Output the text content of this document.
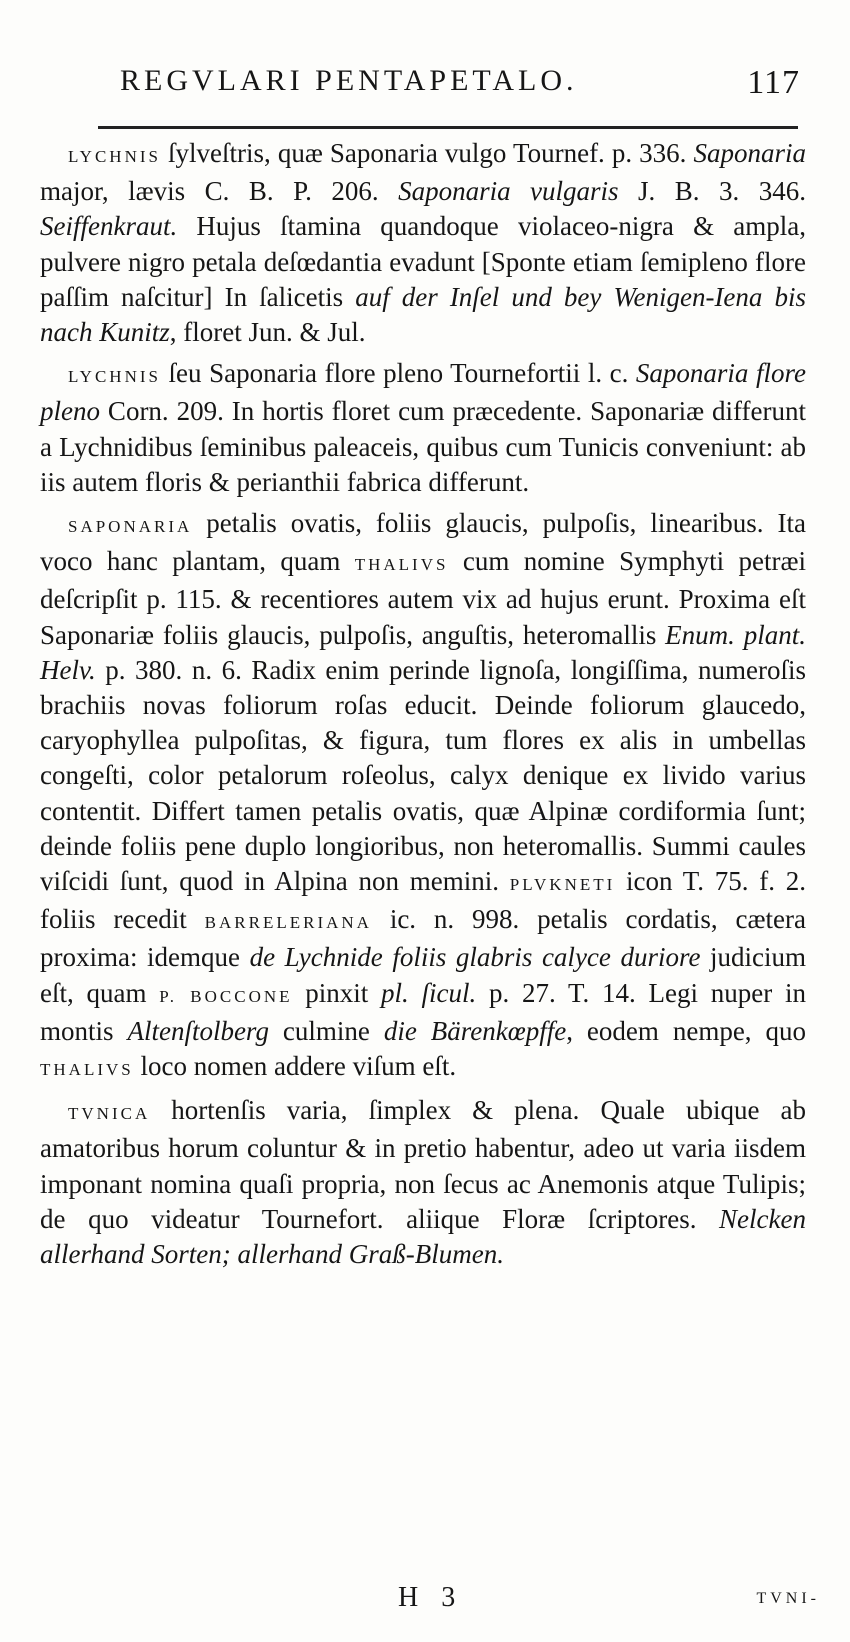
REGVLARI PENTAPETALO.	117

LYCHNIS ſylveſtris, quæ Saponaria vulgo Tournef. p. 336. Saponaria major, lævis C. B. P. 206. Saponaria vulgaris J. B. 3. 346. Seiffenkraut. Hujus ſtamina quandoque violaceo-nigra & ampla, pulvere nigro petala deſœdantia evadunt [Sponte etiam ſemipleno flore paſſim naſcitur] In ſalicetis auf der Inſel und bey Wenigen-Iena bis nach Kunitz, floret Jun. & Jul.

LYCHNIS ſeu Saponaria flore pleno Tournefortii l. c. Saponaria flore pleno Corn. 209. In hortis floret cum præcedente. Saponariæ differunt a Lychnidibus ſeminibus paleaceis, quibus cum Tunicis conveniunt: ab iis autem floris & perianthii fabrica differunt.

SAPONARIA petalis ovatis, foliis glaucis, pulpoſis, linearibus. Ita voco hanc plantam, quam THALIVS cum nomine Symphyti petræi deſcripſit p. 115. & recentiores autem vix ad hujus erunt. Proxima eſt Saponariæ foliis glaucis, pulpoſis, anguſtis, heteromallis Enum. plant. Helv. p. 380. n. 6. Radix enim perinde lignoſa, longiſſima, numeroſis brachiis novas foliorum roſas educit. Deinde foliorum glaucedo, caryophyllea pulpoſitas, & figura, tum flores ex alis in umbellas congeſti, color petalorum roſeolus, calyx denique ex livido varius contentit. Differt tamen petalis ovatis, quæ Alpinæ cordiformia ſunt; deinde foliis pene duplo longioribus, non heteromallis. Summi caules viſcidi ſunt, quod in Alpina non memini. PLVKNETI icon T. 75. f. 2. foliis recedit BARRELERIANA ic. n. 998. petalis cordatis, cætera proxima: idemque de Lychnide foliis glabris calyce duriore judicium eſt, quam P. BOCCONE pinxit pl. ſicul. p. 27. T. 14. Legi nuper in montis Altenſtolberg culmine die Bärenkœpffe, eodem nempe, quo THALIVS loco nomen addere viſum eſt.

TVNICA hortenſis varia, ſimplex & plena. Quale ubique ab amatoribus horum coluntur & in pretio habentur, adeo ut varia iisdem imponant nomina quaſi propria, non ſecus ac Anemonis atque Tulipis; de quo videatur Tournefort. aliique Floræ ſcriptores. Nelcken allerhand Sorten; allerhand Graß-Blumen.

H 3	TVNI-
